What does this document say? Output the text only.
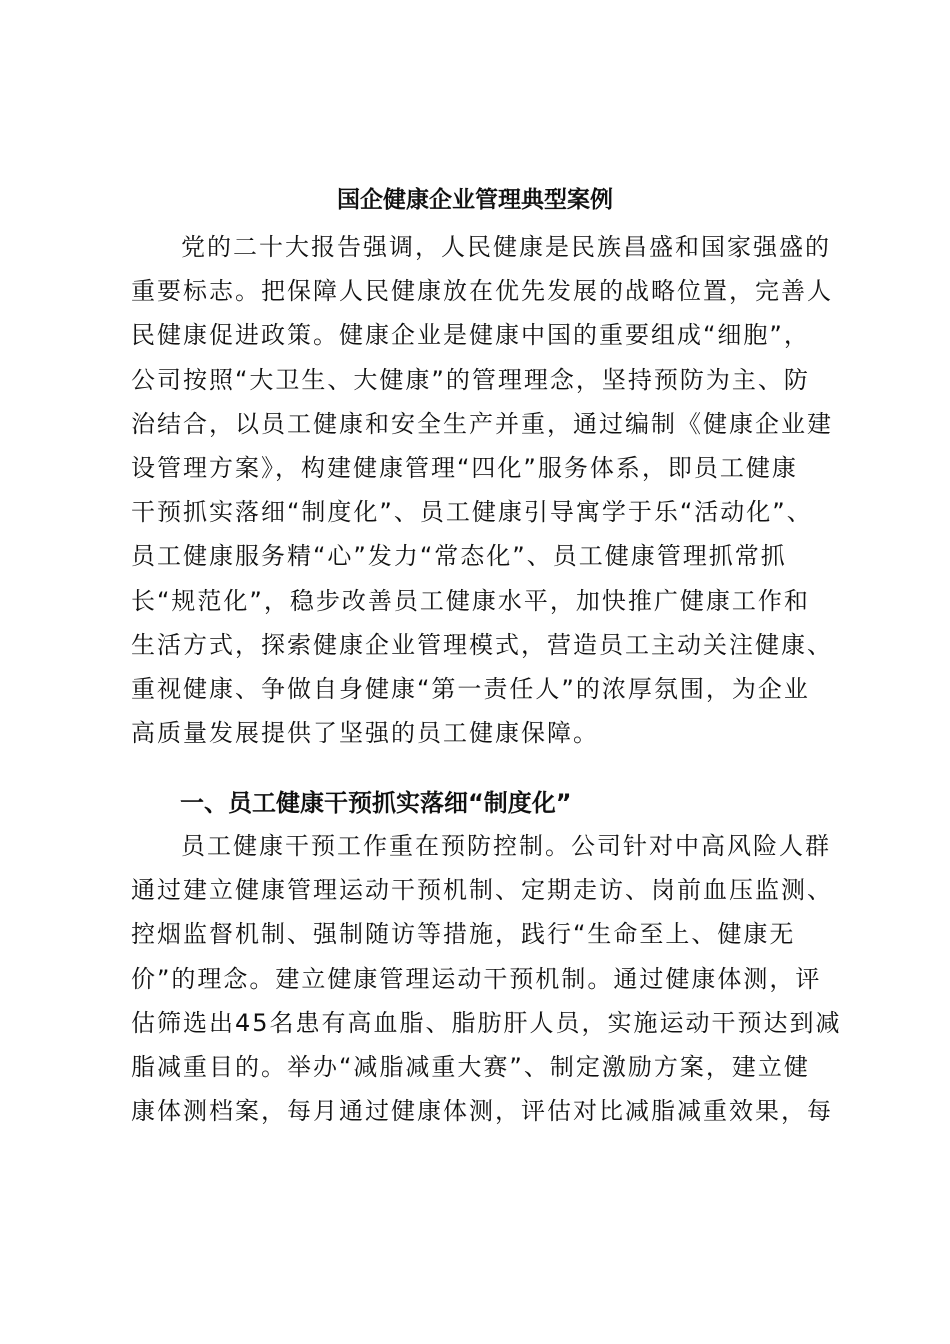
国企健康企业管理典型案例
党的二十大报告强调，人民健康是民族昌盛和国家强盛的
重要标志。把保障人民健康放在优先发展的战略位置，完善人
民健康促进政策。健康企业是健康中国的重要组成“细胞”，
公司按照“大卫生、大健康”的管理理念，坚持预防为主、防
治结合，以员工健康和安全生产并重，通过编制《健康企业建
设管理方案》，构建健康管理“四化”服务体系，即员工健康
干预抓实落细“制度化”、员工健康引导寓学于乐“活动化”、
员工健康服务精“心”发力“常态化”、员工健康管理抓常抓
长“规范化”，稳步改善员工健康水平，加快推广健康工作和
生活方式，探索健康企业管理模式，营造员工主动关注健康、
重视健康、争做自身健康“第一责任人”的浓厚氛围，为企业
高质量发展提供了坚强的员工健康保障。
一、员工健康干预抓实落细“制度化”
员工健康干预工作重在预防控制。公司针对中高风险人群
通过建立健康管理运动干预机制、定期走访、岗前血压监测、
控烟监督机制、强制随访等措施，践行“生命至上、健康无
价”的理念。建立健康管理运动干预机制。通过健康体测，评
估筛选出45名患有高血脂、脂肪肝人员，实施运动干预达到减
脂减重目的。举办“减脂减重大赛”、制定激励方案，建立健
康体测档案，每月通过健康体测，评估对比减脂减重效果，每
